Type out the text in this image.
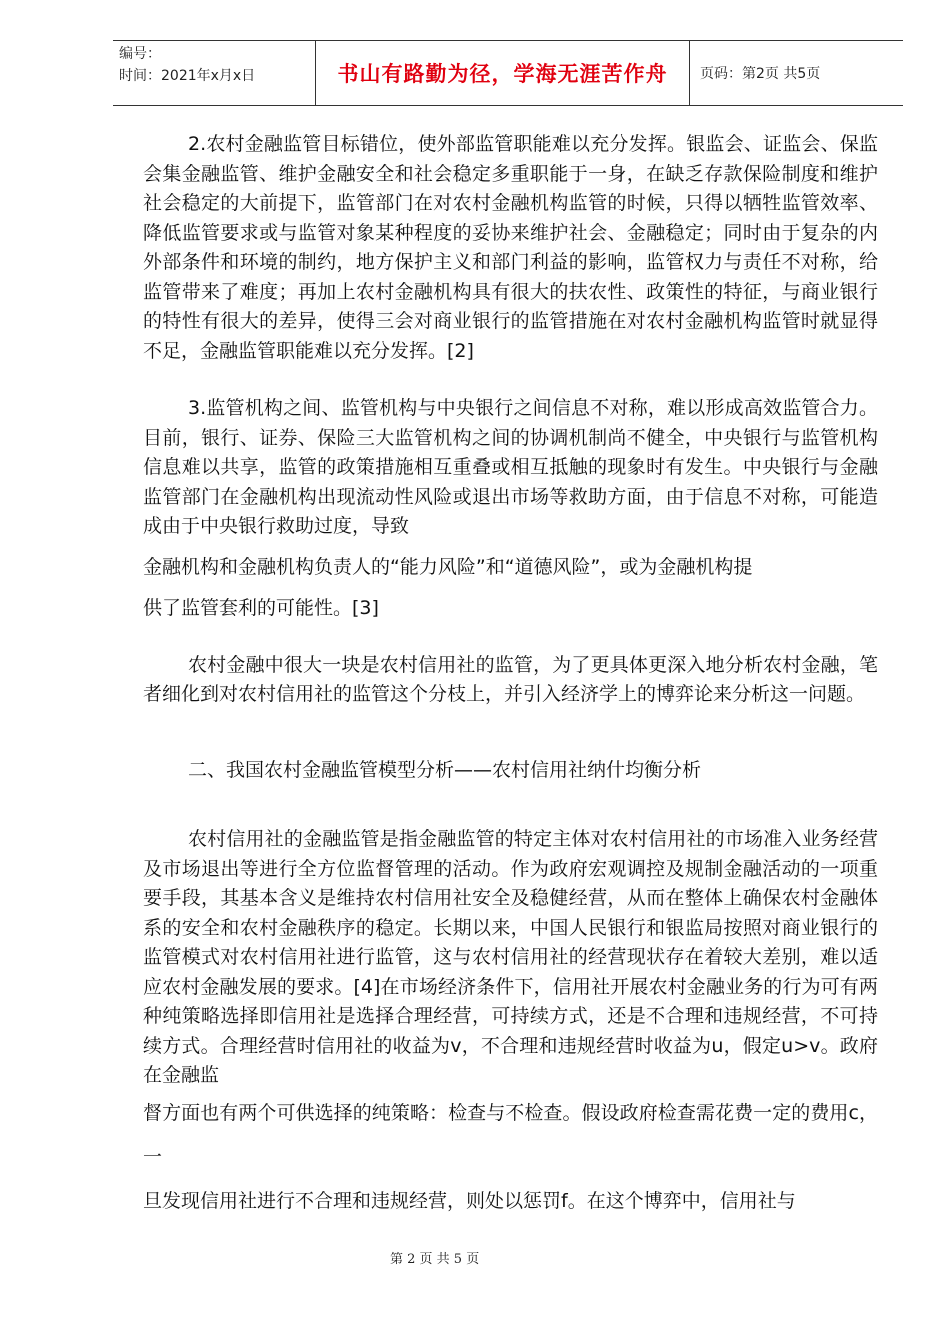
编号：
时间：2021年x月x日	书山有路勤为径，学海无涯苦作舟	页码：第2页 共5页

2.农村金融监管目标错位，使外部监管职能难以充分发挥。银监会、证监会、保监会集金融监管、维护金融安全和社会稳定多重职能于一身，在缺乏存款保险制度和维护社会稳定的大前提下，监管部门在对农村金融机构监管的时候，只得以牺牲监管效率、降低监管要求或与监管对象某种程度的妥协来维护社会、金融稳定；同时由于复杂的内外部条件和环境的制约，地方保护主义和部门利益的影响，监管权力与责任不对称，给监管带来了难度；再加上农村金融机构具有很大的扶农性、政策性的特征，与商业银行的特性有很大的差异，使得三会对商业银行的监管措施在对农村金融机构监管时就显得不足，金融监管职能难以充分发挥。[2]

3.监管机构之间、监管机构与中央银行之间信息不对称，难以形成高效监管合力。目前，银行、证券、保险三大监管机构之间的协调机制尚不健全，中央银行与监管机构信息难以共享，监管的政策措施相互重叠或相互抵触的现象时有发生。中央银行与金融监管部门在金融机构出现流动性风险或退出市场等救助方面，由于信息不对称，可能造成由于中央银行救助过度，导致
金融机构和金融机构负责人的“能力风险”和“道德风险”，或为金融机构提
供了监管套利的可能性。[3]

农村金融中很大一块是农村信用社的监管，为了更具体更深入地分析农村金融，笔者细化到对农村信用社的监管这个分枝上，并引入经济学上的博弈论来分析这一问题。

二、我国农村金融监管模型分析——农村信用社纳什均衡分析

农村信用社的金融监管是指金融监管的特定主体对农村信用社的市场准入业务经营及市场退出等进行全方位监督管理的活动。作为政府宏观调控及规制金融活动的一项重要手段，其基本含义是维持农村信用社安全及稳健经营，从而在整体上确保农村金融体系的安全和农村金融秩序的稳定。长期以来，中国人民银行和银监局按照对商业银行的监管模式对农村信用社进行监管，这与农村信用社的经营现状存在着较大差别，难以适应农村金融发展的要求。[4]在市场经济条件下，信用社开展农村金融业务的行为可有两种纯策略选择即信用社是选择合理经营，可持续方式，还是不合理和违规经营，不可持续方式。合理经营时信用社的收益为v，不合理和违规经营时收益为u，假定u>v。政府在金融监

督方面也有两个可供选择的纯策略：检查与不检查。假设政府检查需花费一定的费用c，一

旦发现信用社进行不合理和违规经营，则处以惩罚f。在这个博弈中，信用社与

第 2 页 共 5 页
